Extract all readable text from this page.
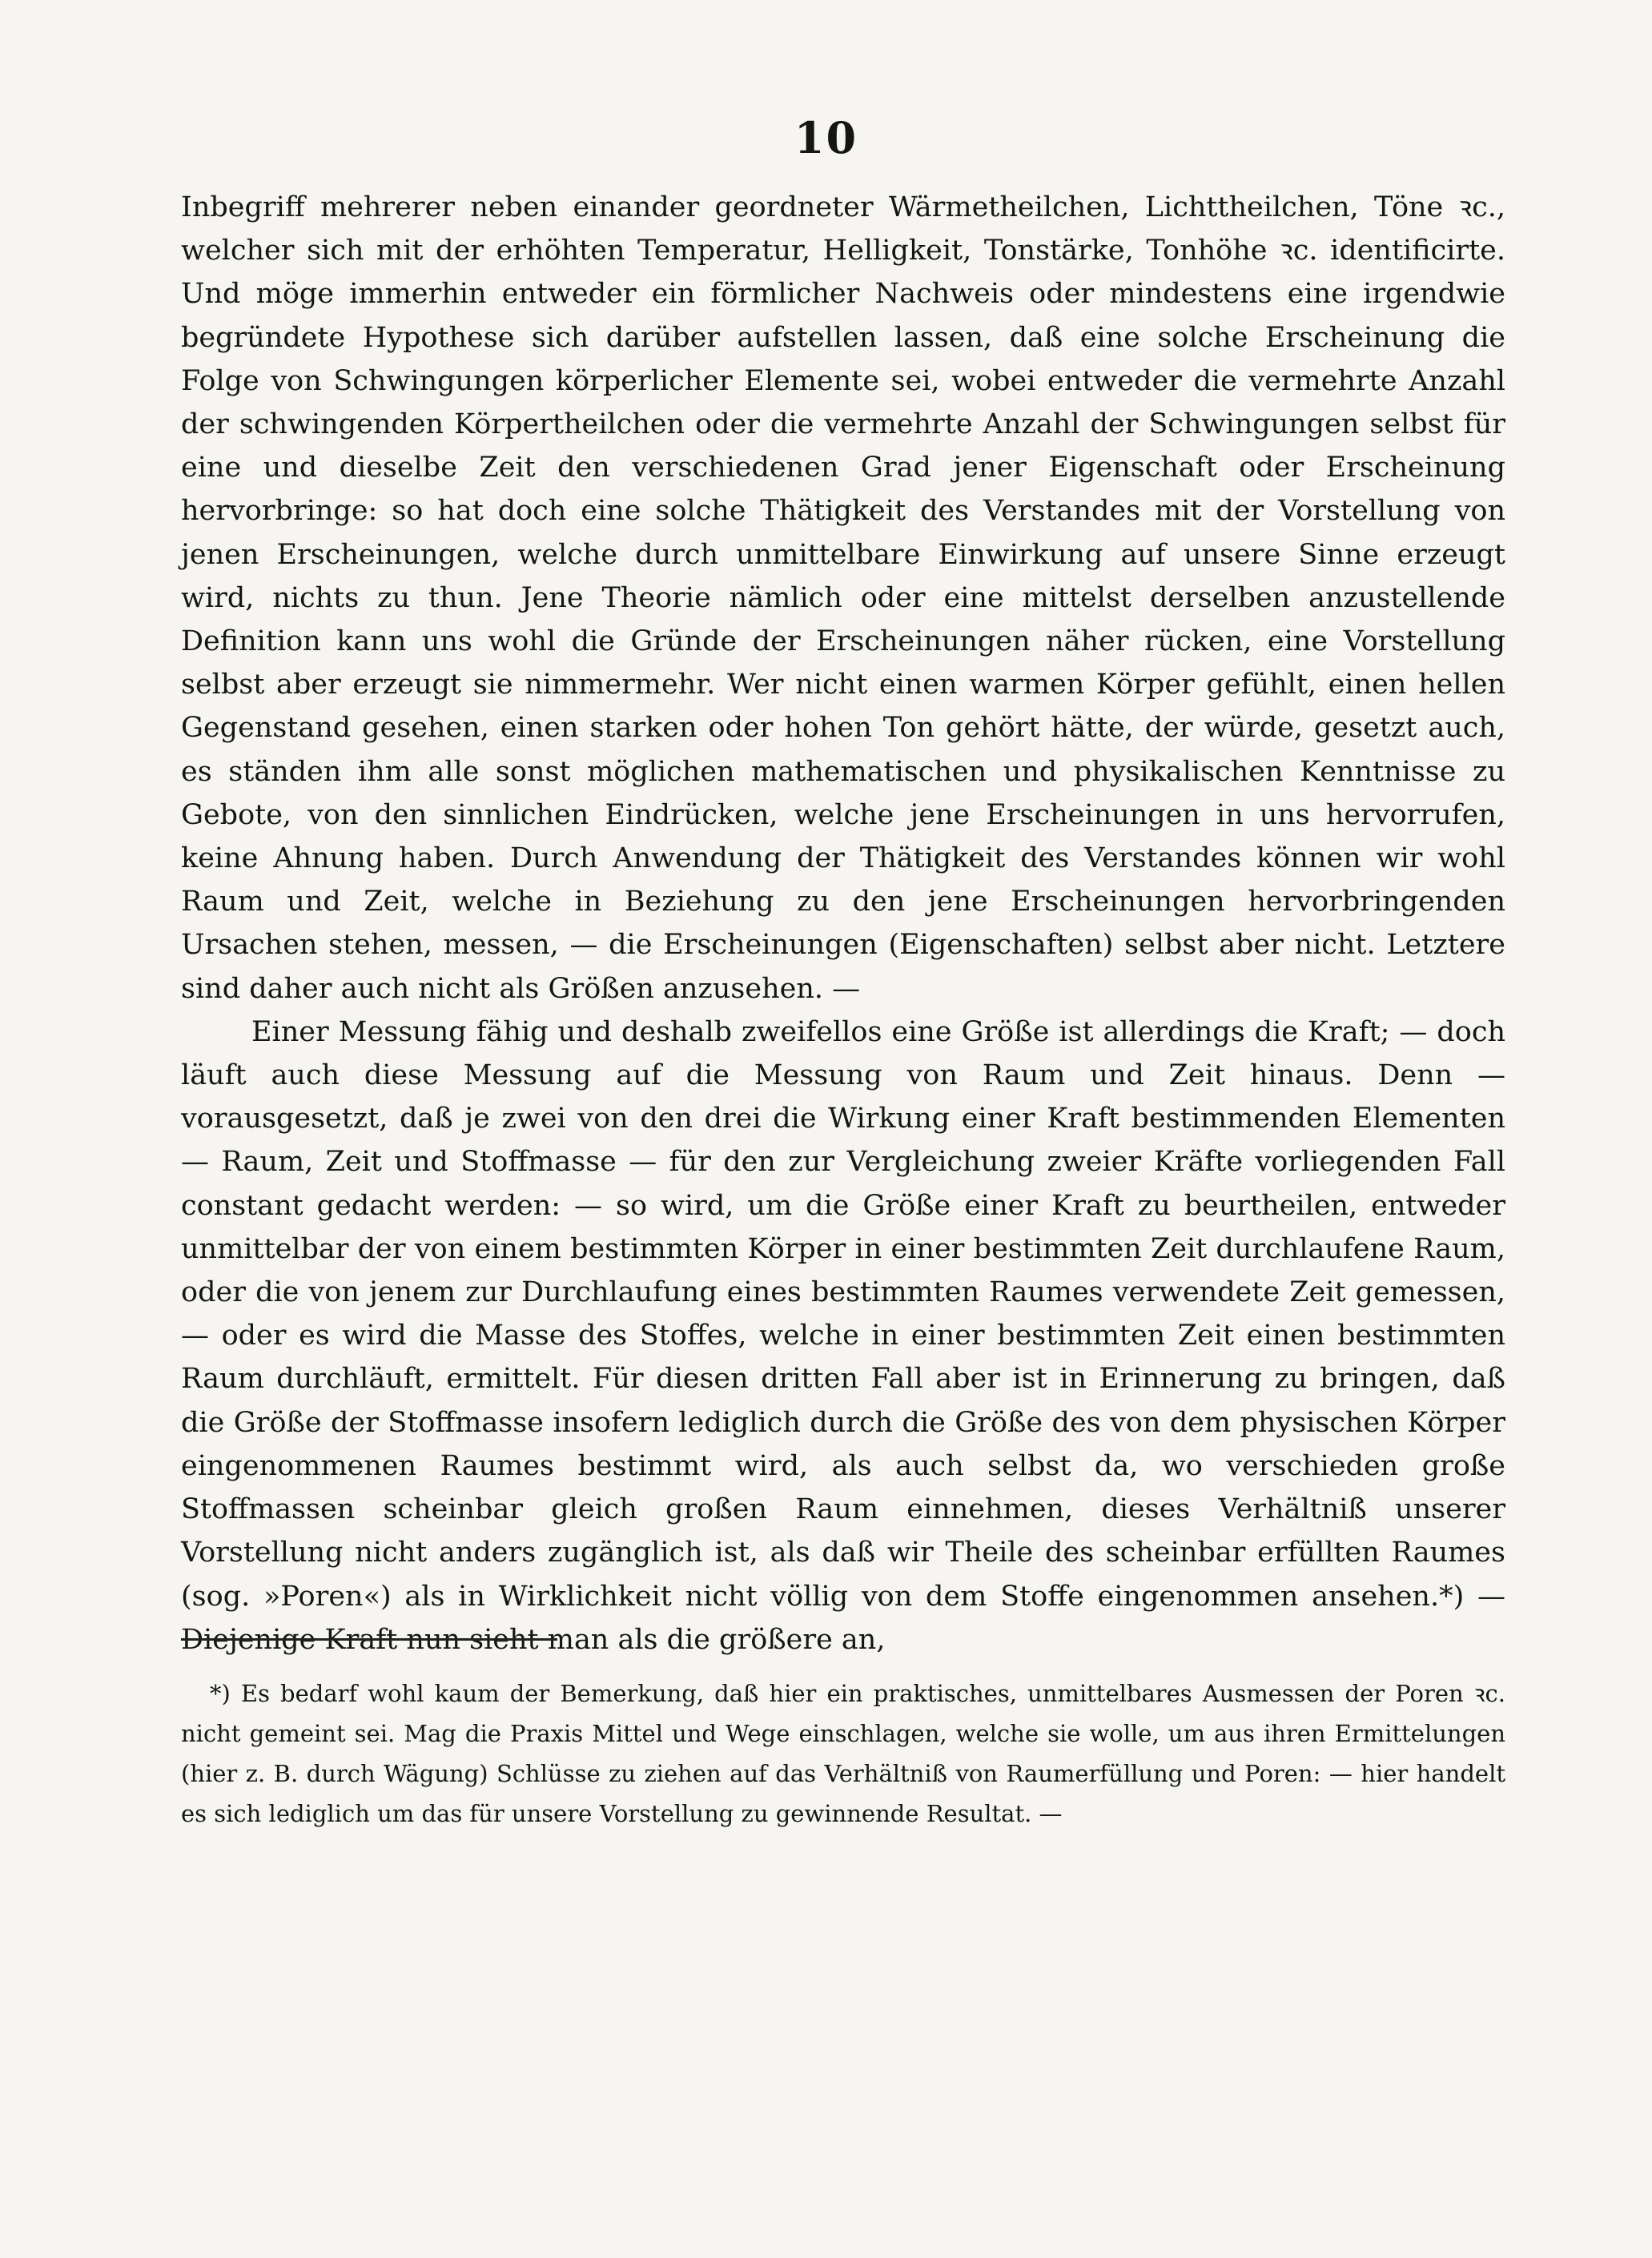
10

Inbegriff mehrerer neben einander geordneter Wärmetheilchen, Lichttheilchen, Töne ꝛc., welcher sich mit der erhöhten Temperatur, Helligkeit, Tonstärke, Tonhöhe ꝛc. identificirte. Und möge immerhin entweder ein förmlicher Nachweis oder mindestens eine irgendwie begründete Hypothese sich darüber aufstellen lassen, daß eine solche Erscheinung die Folge von Schwingungen körperlicher Elemente sei, wobei entweder die vermehrte Anzahl der schwingenden Körpertheilchen oder die vermehrte Anzahl der Schwingungen selbst für eine und dieselbe Zeit den verschiedenen Grad jener Eigenschaft oder Erscheinung hervorbringe: so hat doch eine solche Thätigkeit des Verstandes mit der Vorstellung von jenen Erscheinungen, welche durch unmittelbare Einwirkung auf unsere Sinne erzeugt wird, nichts zu thun. Jene Theorie nämlich oder eine mittelst derselben anzustellende Definition kann uns wohl die Gründe der Erscheinungen näher rücken, eine Vorstellung selbst aber erzeugt sie nimmermehr. Wer nicht einen warmen Körper gefühlt, einen hellen Gegenstand gesehen, einen starken oder hohen Ton gehört hätte, der würde, gesetzt auch, es ständen ihm alle sonst möglichen mathematischen und physikalischen Kenntnisse zu Gebote, von den sinnlichen Eindrücken, welche jene Erscheinungen in uns hervorrufen, keine Ahnung haben. Durch Anwendung der Thätigkeit des Verstandes können wir wohl Raum und Zeit, welche in Beziehung zu den jene Erscheinungen hervorbringenden Ursachen stehen, messen, — die Erscheinungen (Eigenschaften) selbst aber nicht. Letztere sind daher auch nicht als Größen anzusehen. —

Einer Messung fähig und deshalb zweifellos eine Größe ist allerdings die Kraft; — doch läuft auch diese Messung auf die Messung von Raum und Zeit hinaus. Denn — vorausgesetzt, daß je zwei von den drei die Wirkung einer Kraft bestimmenden Elementen — Raum, Zeit und Stoffmasse — für den zur Vergleichung zweier Kräfte vorliegenden Fall constant gedacht werden: — so wird, um die Größe einer Kraft zu beurtheilen, entweder unmittelbar der von einem bestimmten Körper in einer bestimmten Zeit durchlaufene Raum, oder die von jenem zur Durchlaufung eines bestimmten Raumes verwendete Zeit gemessen, — oder es wird die Masse des Stoffes, welche in einer bestimmten Zeit einen bestimmten Raum durchläuft, ermittelt. Für diesen dritten Fall aber ist in Erinnerung zu bringen, daß die Größe der Stoffmasse insofern lediglich durch die Größe des von dem physischen Körper eingenommenen Raumes bestimmt wird, als auch selbst da, wo verschieden große Stoffmassen scheinbar gleich großen Raum einnehmen, dieses Verhältniß unserer Vorstellung nicht anders zugänglich ist, als daß wir Theile des scheinbar erfüllten Raumes (sog. »Poren«) als in Wirklichkeit nicht völlig von dem Stoffe eingenommen ansehen.*) — Diejenige Kraft nun sieht man als die größere an,

*) Es bedarf wohl kaum der Bemerkung, daß hier ein praktisches, unmittelbares Ausmessen der Poren ꝛc. nicht gemeint sei. Mag die Praxis Mittel und Wege einschlagen, welche sie wolle, um aus ihren Ermittelungen (hier z. B. durch Wägung) Schlüsse zu ziehen auf das Verhältniß von Raumerfüllung und Poren: — hier handelt es sich lediglich um das für unsere Vorstellung zu gewinnende Resultat. —
